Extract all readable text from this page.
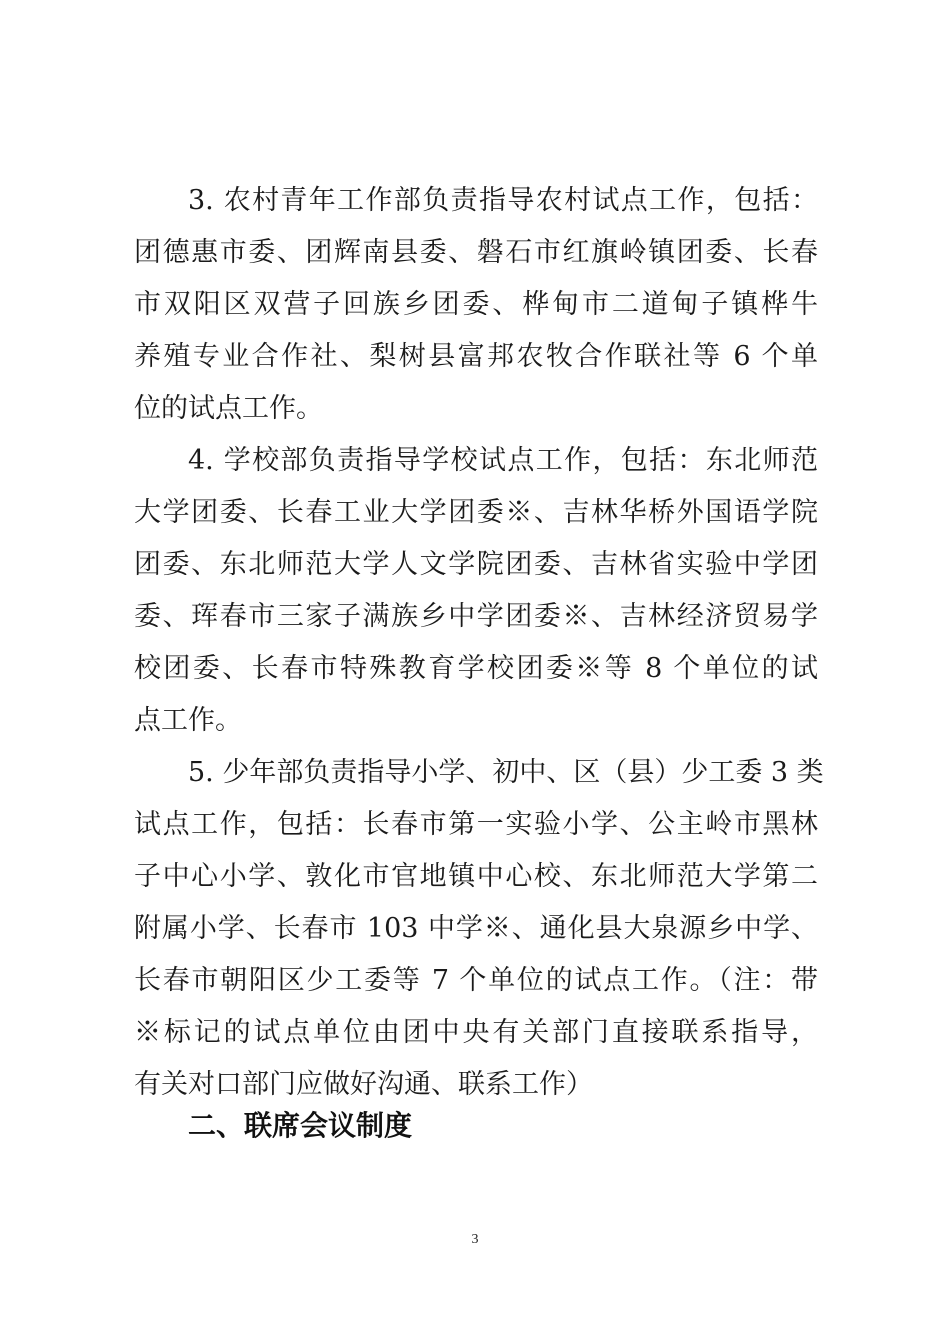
3. 农村青年工作部负责指导农村试点工作，包括：
团德惠市委、团辉南县委、磐石市红旗岭镇团委、长春
市双阳区双营子回族乡团委、桦甸市二道甸子镇桦牛
养殖专业合作社、梨树县富邦农牧合作联社等 6 个单
位的试点工作。
4. 学校部负责指导学校试点工作，包括：东北师范
大学团委、长春工业大学团委※、吉林华桥外国语学院
团委、东北师范大学人文学院团委、吉林省实验中学团
委、珲春市三家子满族乡中学团委※、吉林经济贸易学
校团委、长春市特殊教育学校团委※等 8 个单位的试
点工作。
5. 少年部负责指导小学、初中、区（县）少工委 3 类
试点工作，包括：长春市第一实验小学、公主岭市黑林
子中心小学、敦化市官地镇中心校、东北师范大学第二
附属小学、长春市 103 中学※、通化县大泉源乡中学、
长春市朝阳区少工委等 7 个单位的试点工作。（注：带
※标记的试点单位由团中央有关部门直接联系指导，
有关对口部门应做好沟通、联系工作）
二、联席会议制度
3
